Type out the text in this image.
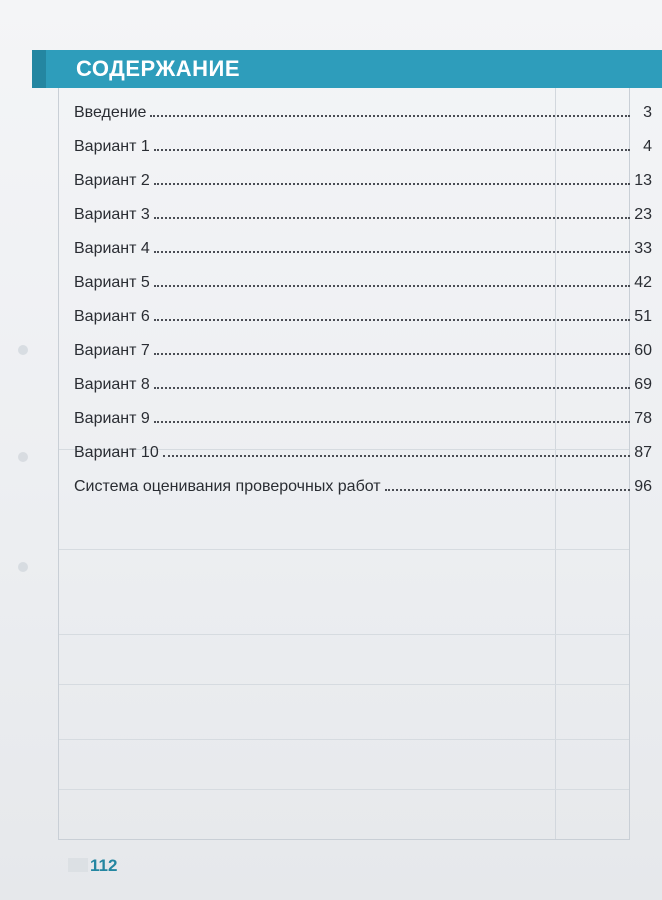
СОДЕРЖАНИЕ
Введение	3
Вариант 1	4
Вариант 2	13
Вариант 3	23
Вариант 4	33
Вариант 5	42
Вариант 6	51
Вариант 7	60
Вариант 8	69
Вариант 9	78
Вариант 10	87
Система оценивания проверочных работ	96
112
